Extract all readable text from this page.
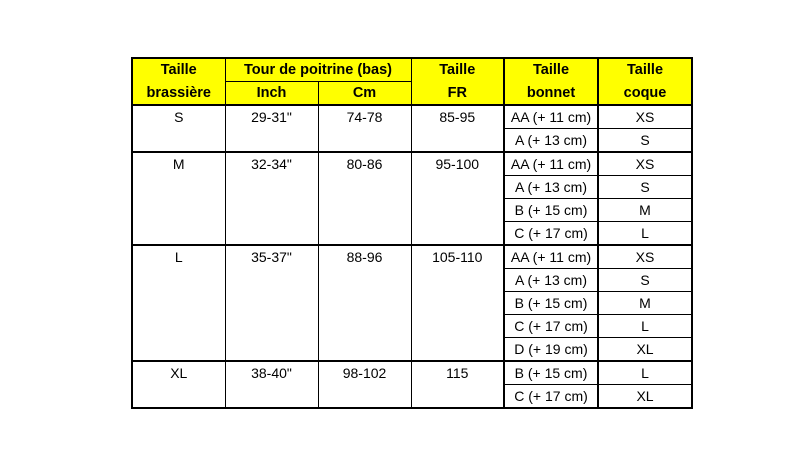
Taille	Tour de poitrine (bas)		Taille	Taille	Taille
brassière	Inch	Cm	FR	bonnet	coque
S	29-31"	74-78	85-95	AA (+ 11 cm)	XS
				A (+ 13 cm)	S
M	32-34"	80-86	95-100	AA (+ 11 cm)	XS
				A (+ 13 cm)	S
				B (+ 15 cm)	M
				C (+ 17 cm)	L
L	35-37"	88-96	105-110	AA (+ 11 cm)	XS
				A (+ 13 cm)	S
				B (+ 15 cm)	M
				C (+ 17 cm)	L
				D (+ 19 cm)	XL
XL	38-40"	98-102	115	B (+ 15 cm)	L
				C (+ 17 cm)	XL
